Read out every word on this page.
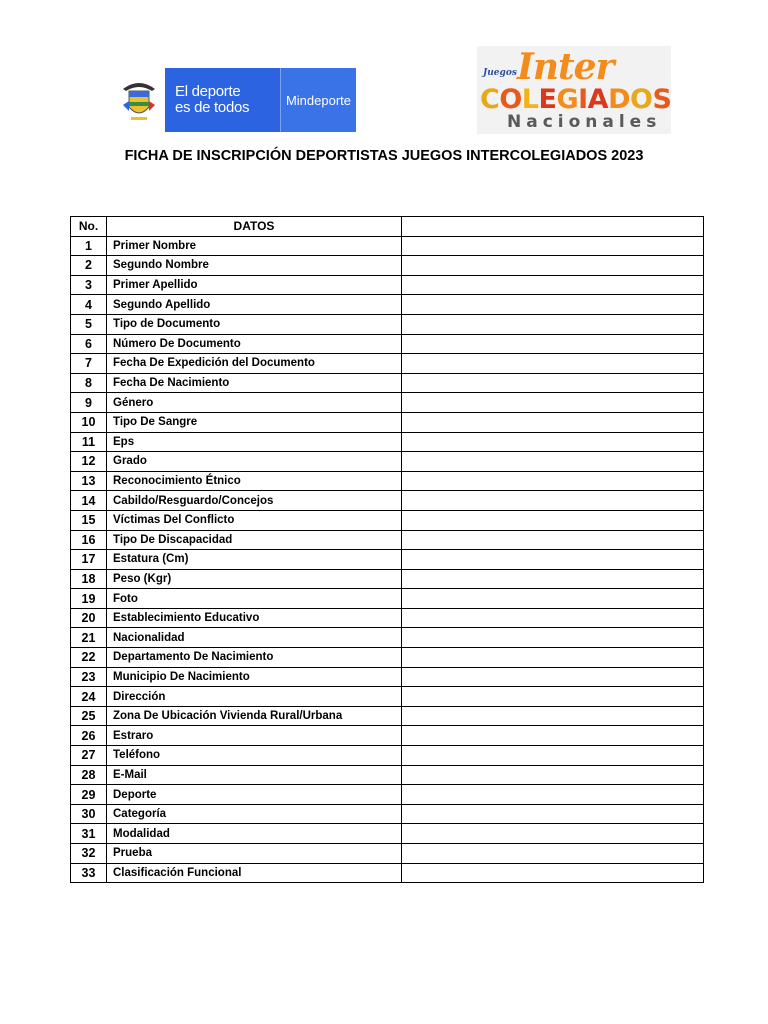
El deporte
es de todos	Mindeporte
Juegos Inter
COLEGIADOS
Nacionales
FICHA DE INSCRIPCIÓN DEPORTISTAS JUEGOS INTERCOLEGIADOS 2023
No.	DATOS	
1	Primer Nombre	
2	Segundo Nombre	
3	Primer Apellido	
4	Segundo Apellido	
5	Tipo de Documento	
6	Número De Documento	
7	Fecha De Expedición del Documento	
8	Fecha De Nacimiento	
9	Género	
10	Tipo De Sangre	
11	Eps	
12	Grado	
13	Reconocimiento Étnico	
14	Cabildo/Resguardo/Concejos	
15	Víctimas Del Conflicto	
16	Tipo De Discapacidad	
17	Estatura (Cm)	
18	Peso (Kgr)	
19	Foto	
20	Establecimiento Educativo	
21	Nacionalidad	
22	Departamento De Nacimiento	
23	Municipio De Nacimiento	
24	Dirección	
25	Zona De Ubicación Vivienda Rural/Urbana	
26	Estraro	
27	Teléfono	
28	E-Mail	
29	Deporte	
30	Categoría	
31	Modalidad	
32	Prueba	
33	Clasificación Funcional	
